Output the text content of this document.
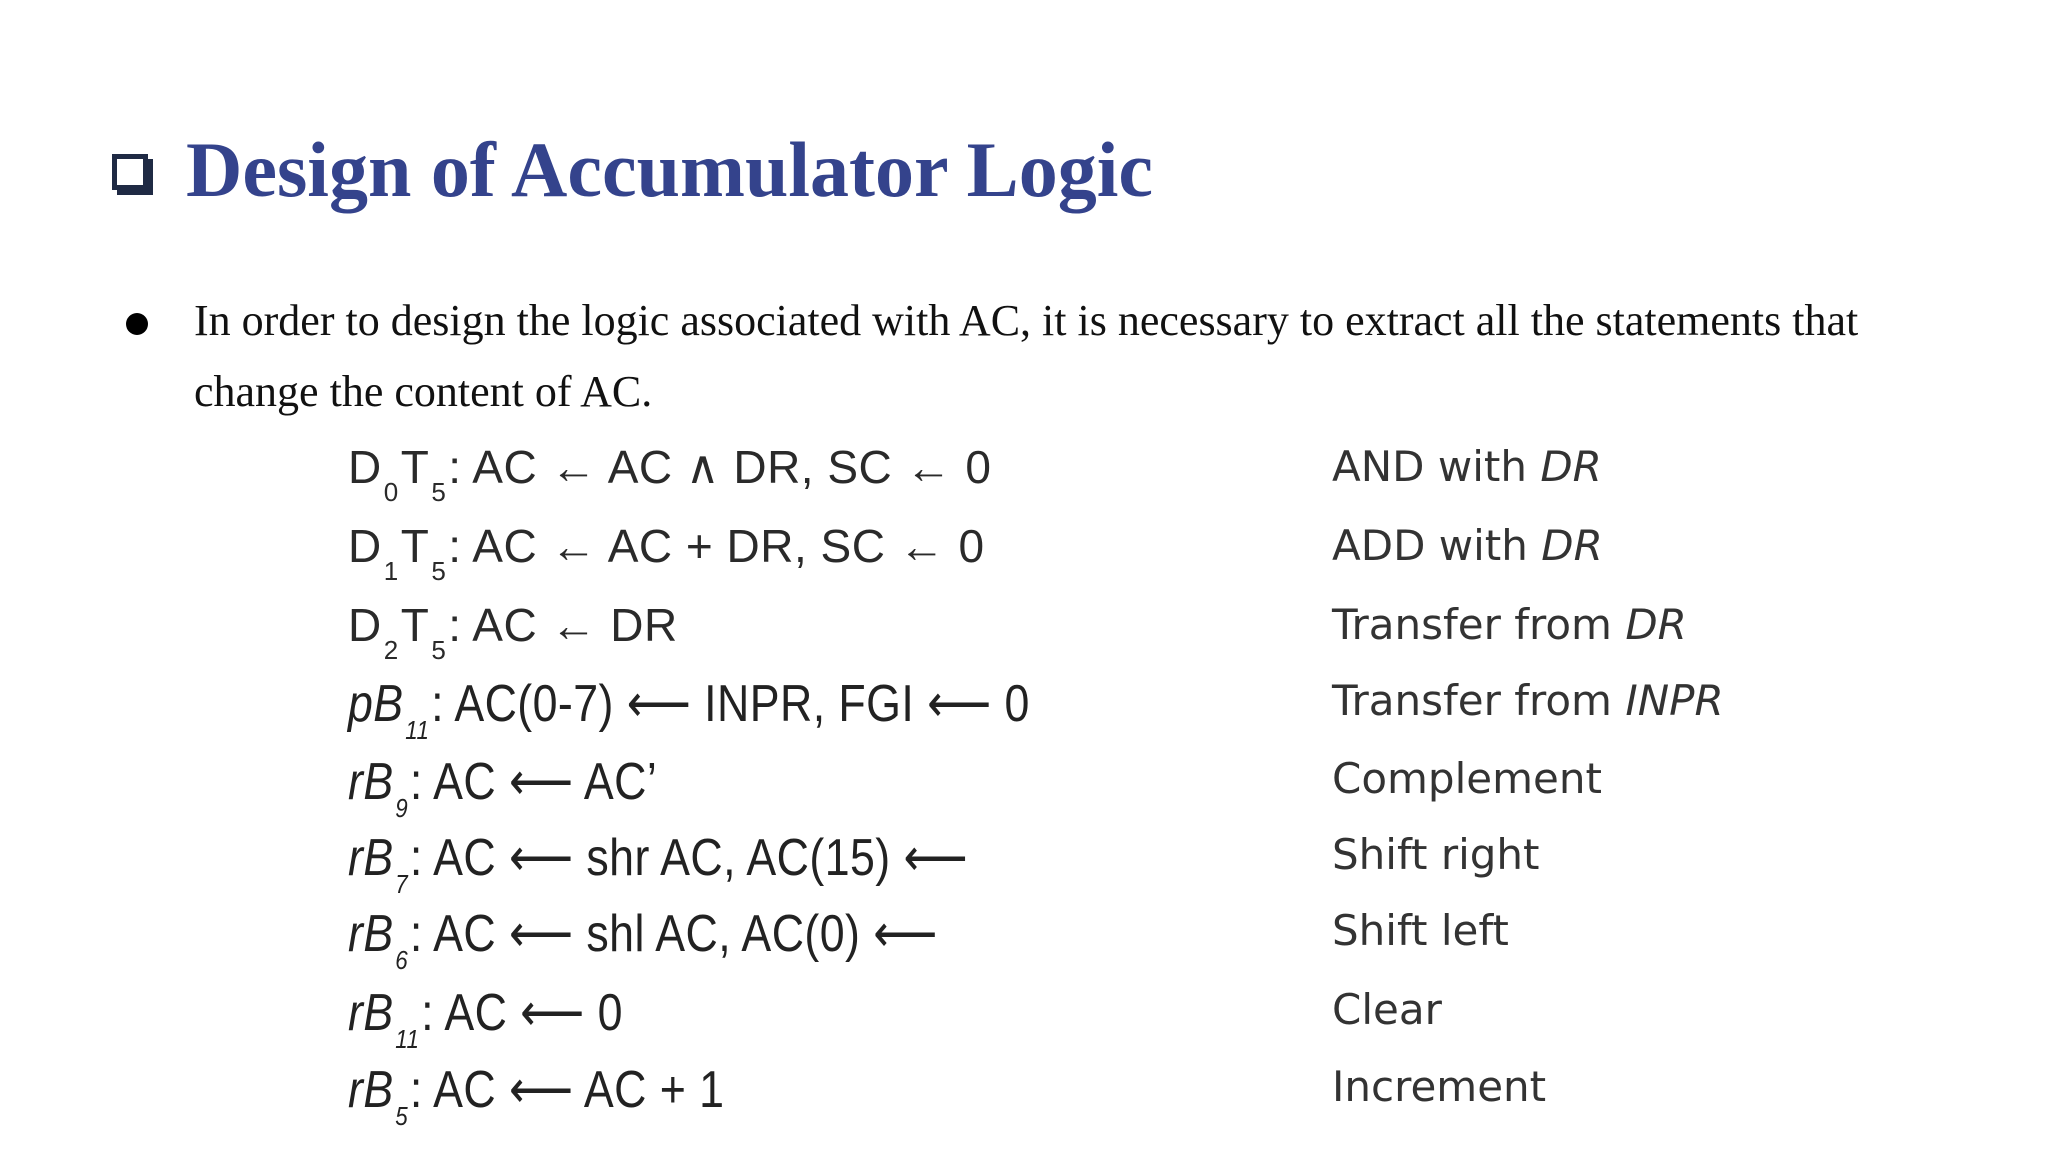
Design of Accumulator Logic
In order to design the logic associated with AC, it is necessary to extract all the statements that change the content of AC.
$D_0T_5$: AC ← AC ∧ DR, SC ← 0	AND with DR
$D_1T_5$: AC ← AC + DR, SC ← 0	ADD with DR
$D_2T_5$: AC ← DR	Transfer from DR
$pB_{11}$: AC(0-7) ⟵ INPR, FGI ⟵ 0	Transfer from INPR
$rB_9$: AC ⟵ AC’	Complement
$rB_7$: AC ⟵ shr AC, AC(15) ⟵	Shift right
$rB_6$: AC ⟵ shl AC, AC(0) ⟵	Shift left
$rB_{11}$: AC ⟵ 0	Clear
$rB_5$: AC ⟵ AC + 1	Increment
